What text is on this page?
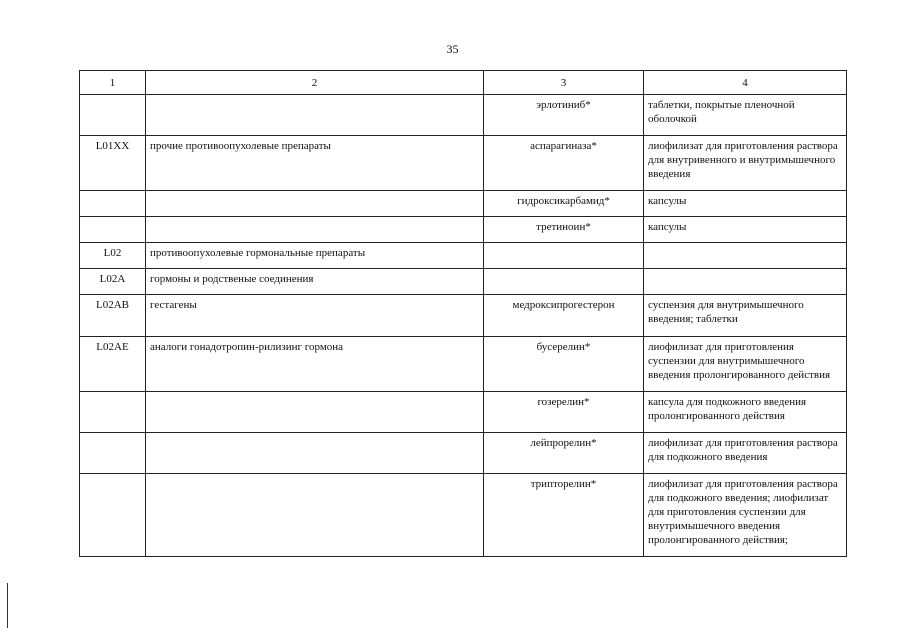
35
1	2	3	4
		эрлотиниб*	таблетки, покрытые пленочной оболочкой
L01XX	прочие противоопухолевые препараты	аспарагиназа*	лиофилизат для приготовления раствора для внутривенного и внутримышечного введения
		гидроксикарбамид*	капсулы
		третиноин*	капсулы
L02	противоопухолевые гормональные препараты		
L02A	гормоны и родственые соединения		
L02AB	гестагены	медроксипрогестерон	суспензия для внутримышечного введения; таблетки
L02AE	аналоги гонадотропин-рилизинг гормона	бусерелин*	лиофилизат для приготовления суспензии для внутримышечного введения пролонгированного действия
		гозерелин*	капсула для подкожного введения пролонгированного действия
		лейпрорелин*	лиофилизат для приготовления раствора для подкожного введения
		трипторелин*	лиофилизат для приготовления раствора для подкожного введения; лиофилизат для приготовления суспензии для внутримышечного введения пролонгированного действия;
